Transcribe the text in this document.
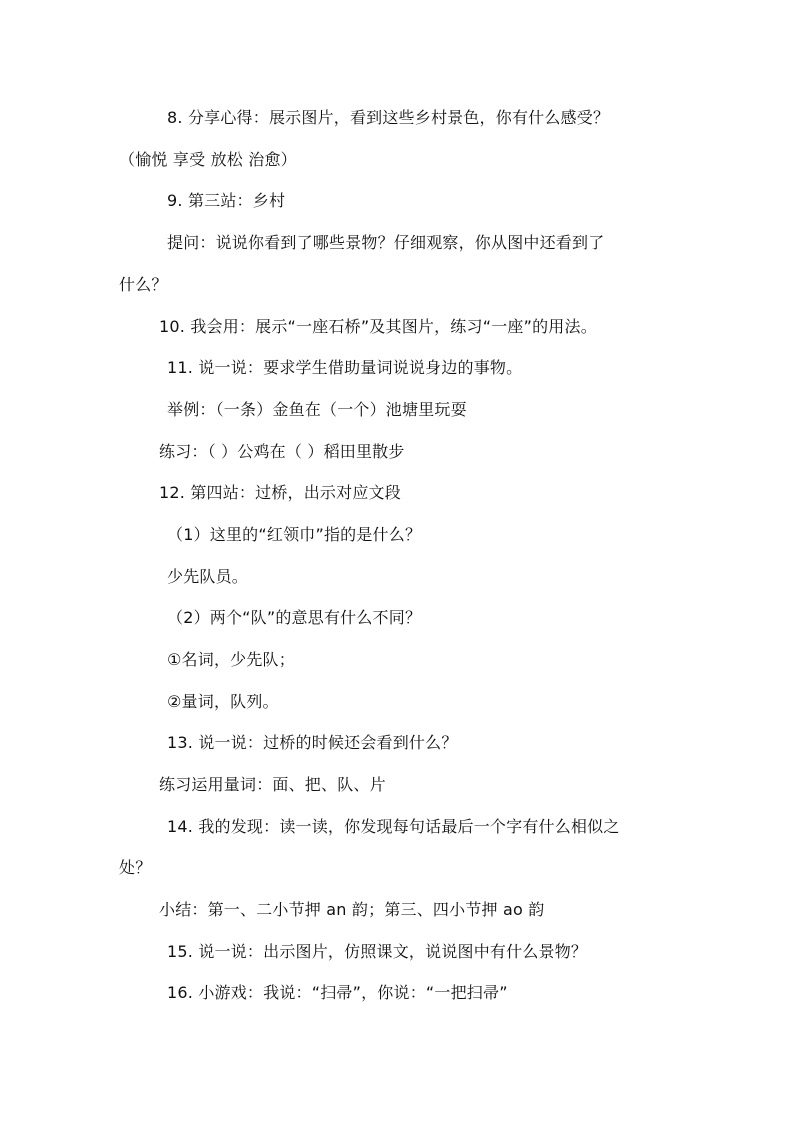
8. 分享心得：展示图片，看到这些乡村景色，你有什么感受？
（愉悦 享受 放松 治愈）
9. 第三站：乡村
提问：说说你看到了哪些景物？仔细观察，你从图中还看到了
什么？
10. 我会用：展示“一座石桥”及其图片，练习“一座”的用法。
11. 说一说：要求学生借助量词说说身边的事物。
举例：（一条）金鱼在（一个）池塘里玩耍
练习：（ ）公鸡在（ ）稻田里散步
12. 第四站：过桥，出示对应文段
（1）这里的“红领巾”指的是什么？
少先队员。
（2）两个“队”的意思有什么不同？
①名词，少先队；
②量词，队列。
13. 说一说：过桥的时候还会看到什么？
练习运用量词：面、把、队、片
14. 我的发现：读一读，你发现每句话最后一个字有什么相似之
处？
小结：第一、二小节押 an 韵；第三、四小节押 ao 韵
15. 说一说：出示图片，仿照课文，说说图中有什么景物？
16. 小游戏：我说：“扫帚”，你说：“一把扫帚”
